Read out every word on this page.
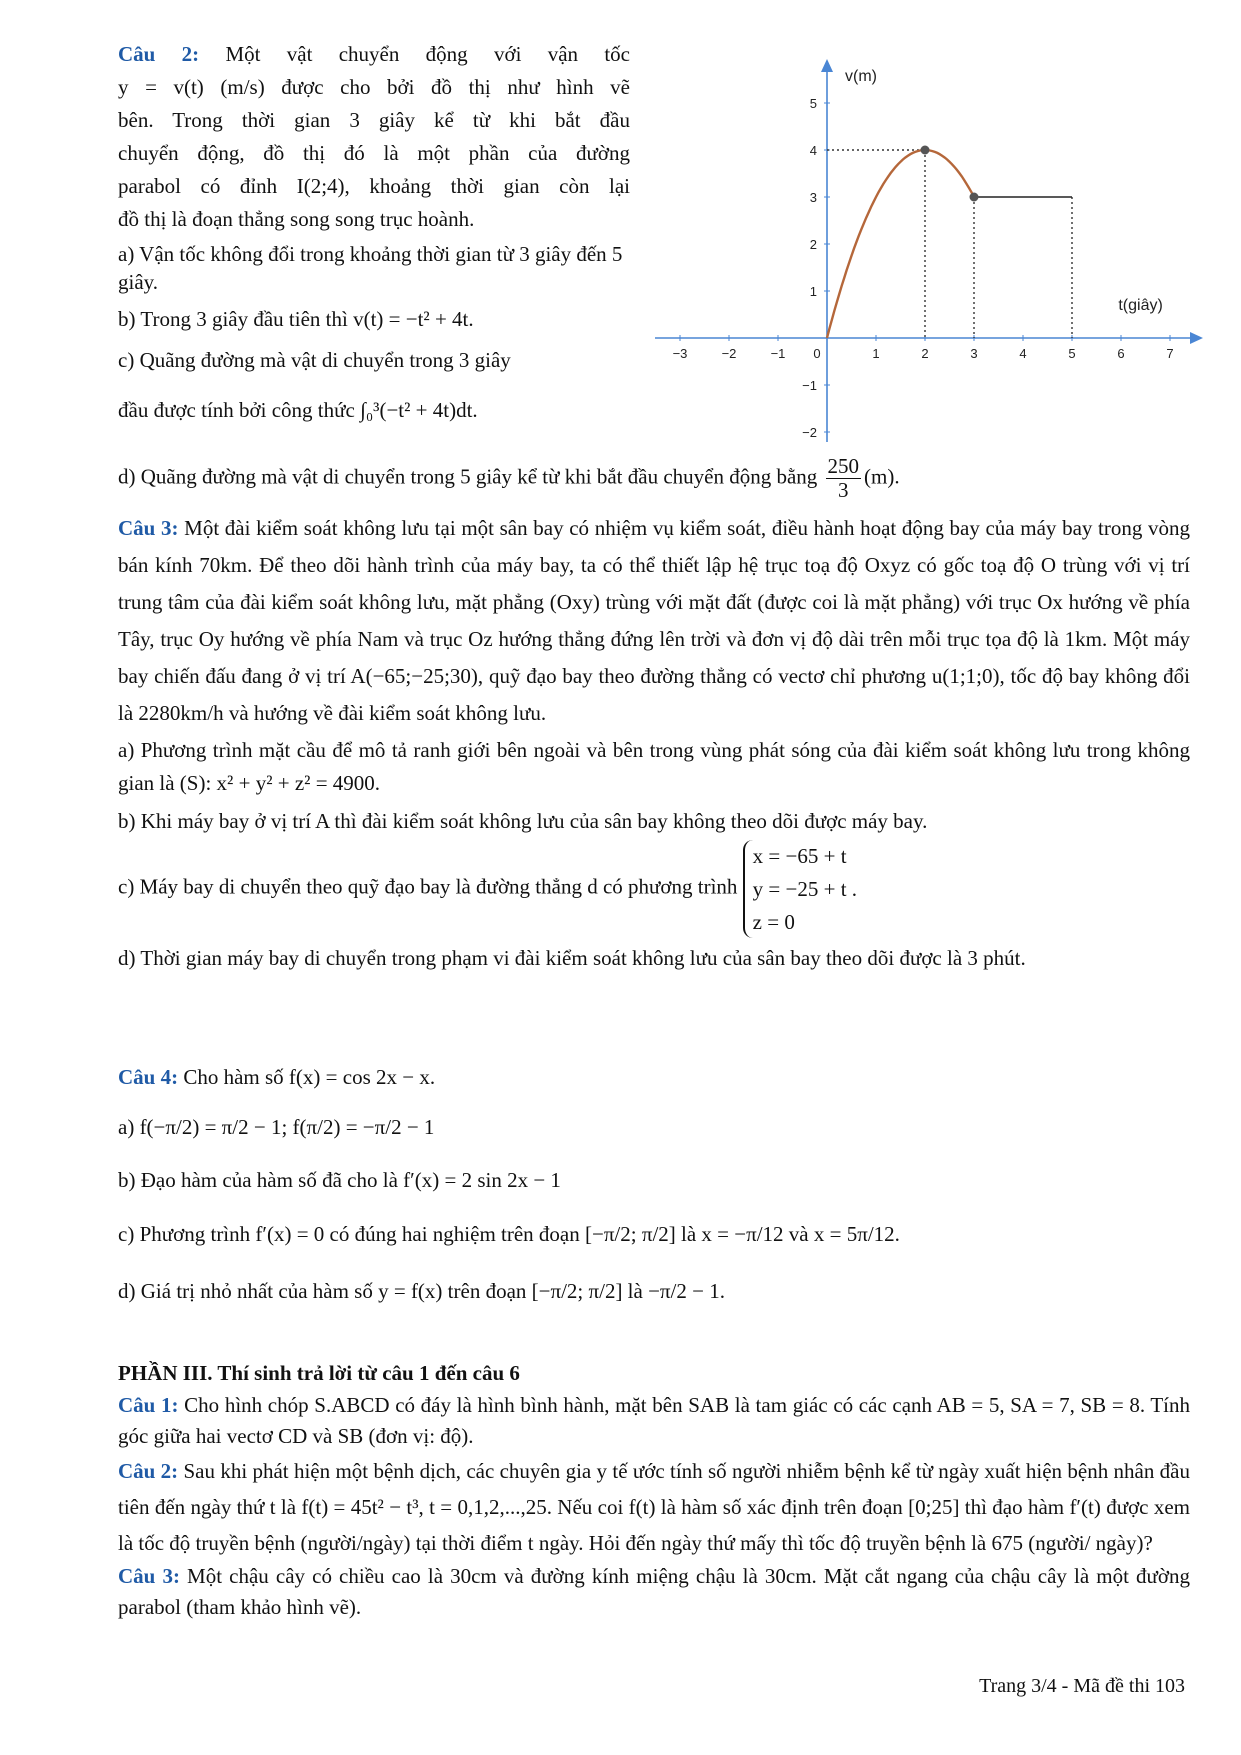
Câu 2: Một vật chuyển động với vận tốc
y = v(t) (m/s) được cho bởi đồ thị như hình vẽ
bên. Trong thời gian 3 giây kể từ khi bắt đầu
chuyển động, đồ thị đó là một phần của đường
parabol có đỉnh I(2;4), khoảng thời gian còn lại
đồ thị là đoạn thẳng song song trục hoành.
a) Vận tốc không đổi trong khoảng thời gian từ 3 giây đến 5 giây.
b) Trong 3 giây đầu tiên thì v(t) = −t² + 4t.
c) Quãng đường mà vật di chuyển trong 3 giây
đầu được tính bởi công thức ∫₀³(−t² + 4t)dt.
d) Quãng đường mà vật di chuyển trong 5 giây kể từ khi bắt đầu chuyển động bằng $\frac{250}{3} (m)$.
−3	−2	−1 0	1	2	3	4	5	6	7
5
4
3
2
1
−1
−2
v(m)
t(giây)
Câu 3: Một đài kiểm soát không lưu tại một sân bay có nhiệm vụ kiểm soát, điều hành hoạt động bay của máy bay trong vòng bán kính 70km. Để theo dõi hành trình của máy bay, ta có thể thiết lập hệ trục toạ độ Oxyz có gốc toạ độ O trùng với vị trí trung tâm của đài kiểm soát không lưu, mặt phẳng (Oxy) trùng với mặt đất (được coi là mặt phẳng) với trục Ox hướng về phía Tây, trục Oy hướng về phía Nam và trục Oz hướng thẳng đứng lên trời và đơn vị độ dài trên mỗi trục tọa độ là 1km. Một máy bay chiến đấu đang ở vị trí A(−65;−25;30), quỹ đạo bay theo đường thẳng có vectơ chỉ phương u(1;1;0), tốc độ bay không đổi là 2280km/h và hướng về đài kiểm soát không lưu.
a) Phương trình mặt cầu để mô tả ranh giới bên ngoài và bên trong vùng phát sóng của đài kiểm soát không lưu trong không gian là (S): x² + y² + z² = 4900.
b) Khi máy bay ở vị trí A thì đài kiểm soát không lưu của sân bay không theo dõi được máy bay.
c) Máy bay di chuyển theo quỹ đạo bay là đường thẳng d có phương trình
x = −65 + t
y = −25 + t .
z = 0
d) Thời gian máy bay di chuyển trong phạm vi đài kiểm soát không lưu của sân bay theo dõi được là 3 phút.
Câu 4: Cho hàm số f(x) = cos 2x − x.
a) f(−π/2) = π/2 − 1; f(π/2) = −π/2 − 1
b) Đạo hàm của hàm số đã cho là f′(x) = 2 sin 2x − 1
c) Phương trình f′(x) = 0 có đúng hai nghiệm trên đoạn [−π/2; π/2] là x = −π/12 và x = 5π/12.
d) Giá trị nhỏ nhất của hàm số y = f(x) trên đoạn [−π/2; π/2] là −π/2 − 1.
PHẦN III. Thí sinh trả lời từ câu 1 đến câu 6
Câu 1: Cho hình chóp S.ABCD có đáy là hình bình hành, mặt bên SAB là tam giác có các cạnh AB = 5, SA = 7, SB = 8. Tính góc giữa hai vectơ CD và SB (đơn vị: độ).
Câu 2: Sau khi phát hiện một bệnh dịch, các chuyên gia y tế ước tính số người nhiễm bệnh kể từ ngày xuất hiện bệnh nhân đầu tiên đến ngày thứ t là f(t) = 45t² − t³, t = 0,1,2,...,25. Nếu coi f(t) là hàm số xác định trên đoạn [0;25] thì đạo hàm f′(t) được xem là tốc độ truyền bệnh (người/ngày) tại thời điểm t ngày. Hỏi đến ngày thứ mấy thì tốc độ truyền bệnh là 675 (người/ ngày)?
Câu 3: Một chậu cây có chiều cao là 30cm và đường kính miệng chậu là 30cm. Mặt cắt ngang của chậu cây là một đường parabol (tham khảo hình vẽ).
Trang 3/4 - Mã đề thi 103
